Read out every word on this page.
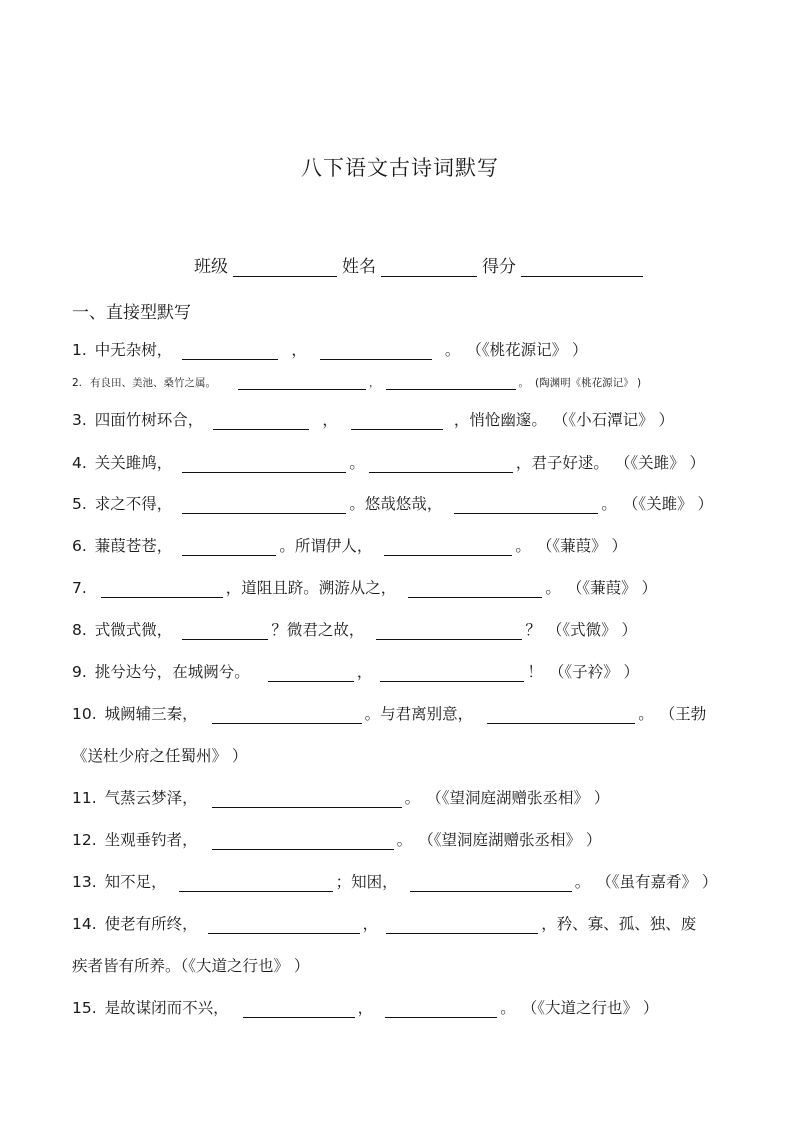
八下语文古诗词默写
班级	姓名	得分
一、直接型默写
1. 中无杂树，	，	。 （《桃花源记》 ）
2. 有良田、美池、桑竹之属。	，	。 (陶渊明《桃花源记》 )
3. 四面竹树环合，	，	，悄怆幽邃。 （《小石潭记》 ）
4. 关关雎鸠，	。	，君子好逑。 （《关雎》 ）
5. 求之不得，	。悠哉悠哉，	。 （《关雎》 ）
6. 蒹葭苍苍，	。所谓伊人，	。 （《蒹葭》 ）
7.	，道阻且跻。溯游从之，	。 （《蒹葭》 ）
8. 式微式微，	？微君之故，	？ （《式微》 ）
9. 挑兮达兮，在城阙兮。	，	！ （《子衿》 ）
10. 城阙辅三秦，	。与君离别意，	。 （王勃
《送杜少府之任蜀州》 ）
11. 气蒸云梦泽，	。 （《望洞庭湖赠张丞相》 ）
12. 坐观垂钓者，	。 （《望洞庭湖赠张丞相》 ）
13. 知不足，	；知困，	。 （《虽有嘉肴》 ）
14. 使老有所终，	，	，矜、寡、孤、独、废
疾者皆有所养。（《大道之行也》 ）
15. 是故谋闭而不兴，	，	。 （《大道之行也》 ）
